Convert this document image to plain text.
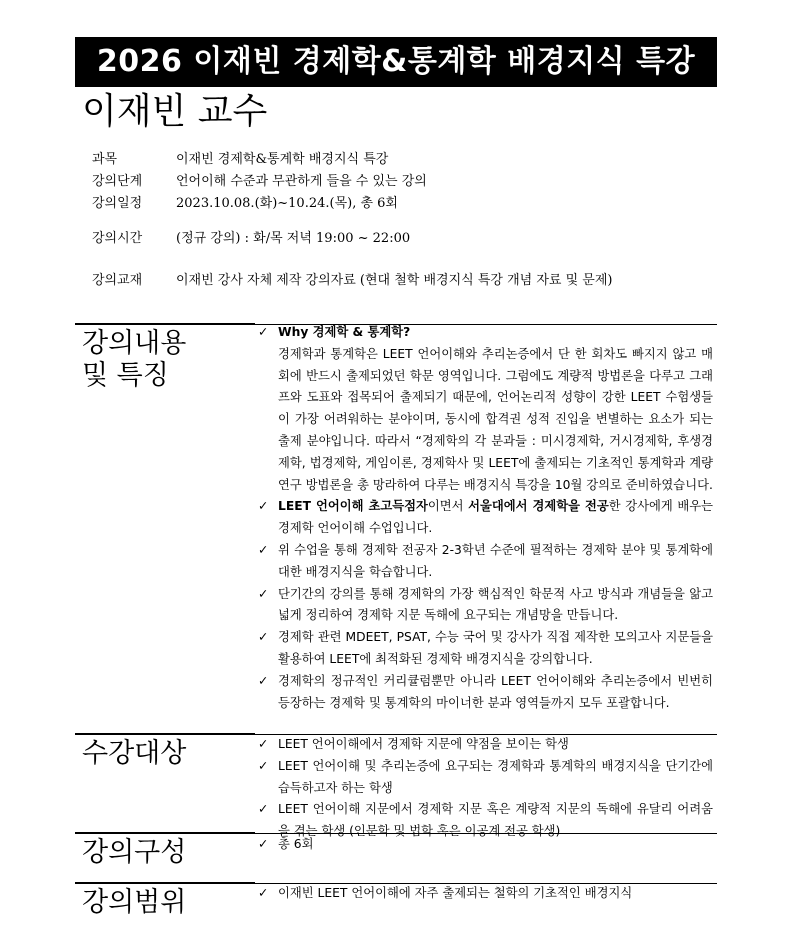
2026 이재빈 경제학&통계학 배경지식 특강
이재빈 교수
과목	이재빈 경제학&통계학 배경지식 특강
강의단계	언어이해 수준과 무관하게 들을 수 있는 강의
강의일정	2023.10.08.(화)~10.24.(목), 총 6회
강의시간	(정규 강의) : 화/목 저녁 19:00 ~ 22:00
강의교재	이재빈 강사 자체 제작 강의자료 (현대 철학 배경지식 특강 개념 자료 및 문제)
강의내용
및 특징
✓ Why 경제학 & 통계학?
경제학과 통계학은 LEET 언어이해와 추리논증에서 단 한 회차도 빠지지 않고 매회에 반드시 출제되었던 학문 영역입니다. 그럼에도 계량적 방법론을 다루고 그래프와 도표와 접목되어 출제되기 때문에, 언어논리적 성향이 강한 LEET 수험생들이 가장 어려워하는 분야이며, 동시에 합격권 성적 진입을 변별하는 요소가 되는 출제 분야입니다. 따라서 “경제학의 각 분과들 : 미시경제학, 거시경제학, 후생경제학, 법경제학, 게임이론, 경제학사 및 LEET에 출제되는 기초적인 통계학과 계량연구 방법론을 총 망라하여 다루는 배경지식 특강을 10월 강의로 준비하였습니다.
✓ LEET 언어이해 초고득점자이면서 서울대에서 경제학을 전공한 강사에게 배우는 경제학 언어이해 수업입니다.
✓ 위 수업을 통해 경제학 전공자 2-3학년 수준에 필적하는 경제학 분야 및 통계학에 대한 배경지식을 학습합니다.
✓ 단기간의 강의를 통해 경제학의 가장 핵심적인 학문적 사고 방식과 개념들을 앎고 넓게 정리하여 경제학 지문 독해에 요구되는 개념망을 만듭니다.
✓ 경제학 관련 MDEET, PSAT, 수능 국어 및 강사가 직접 제작한 모의고사 지문들을 활용하여 LEET에 최적화된 경제학 배경지식을 강의합니다.
✓ 경제학의 정규적인 커리큘럼뿐만 아니라 LEET 언어이해와 추리논증에서 빈번히 등장하는 경제학 및 통계학의 마이너한 분과 영역들까지 모두 포괄합니다.
수강대상	✓ LEET 언어이해에서 경제학 지문에 약점을 보이는 학생
✓ LEET 언어이해 및 추리논증에 요구되는 경제학과 통계학의 배경지식을 단기간에 습득하고자 하는 학생
✓ LEET 언어이해 지문에서 경제학 지문 혹은 계량적 지문의 독해에 유달리 어려움을 겪는 학생 (인문학 및 법학 혹은 이공계 전공 학생)
강의구성	✓ 총 6회
강의범위	✓ 이재빈 LEET 언어이해에 자주 출제되는 철학의 기초적인 배경지식
